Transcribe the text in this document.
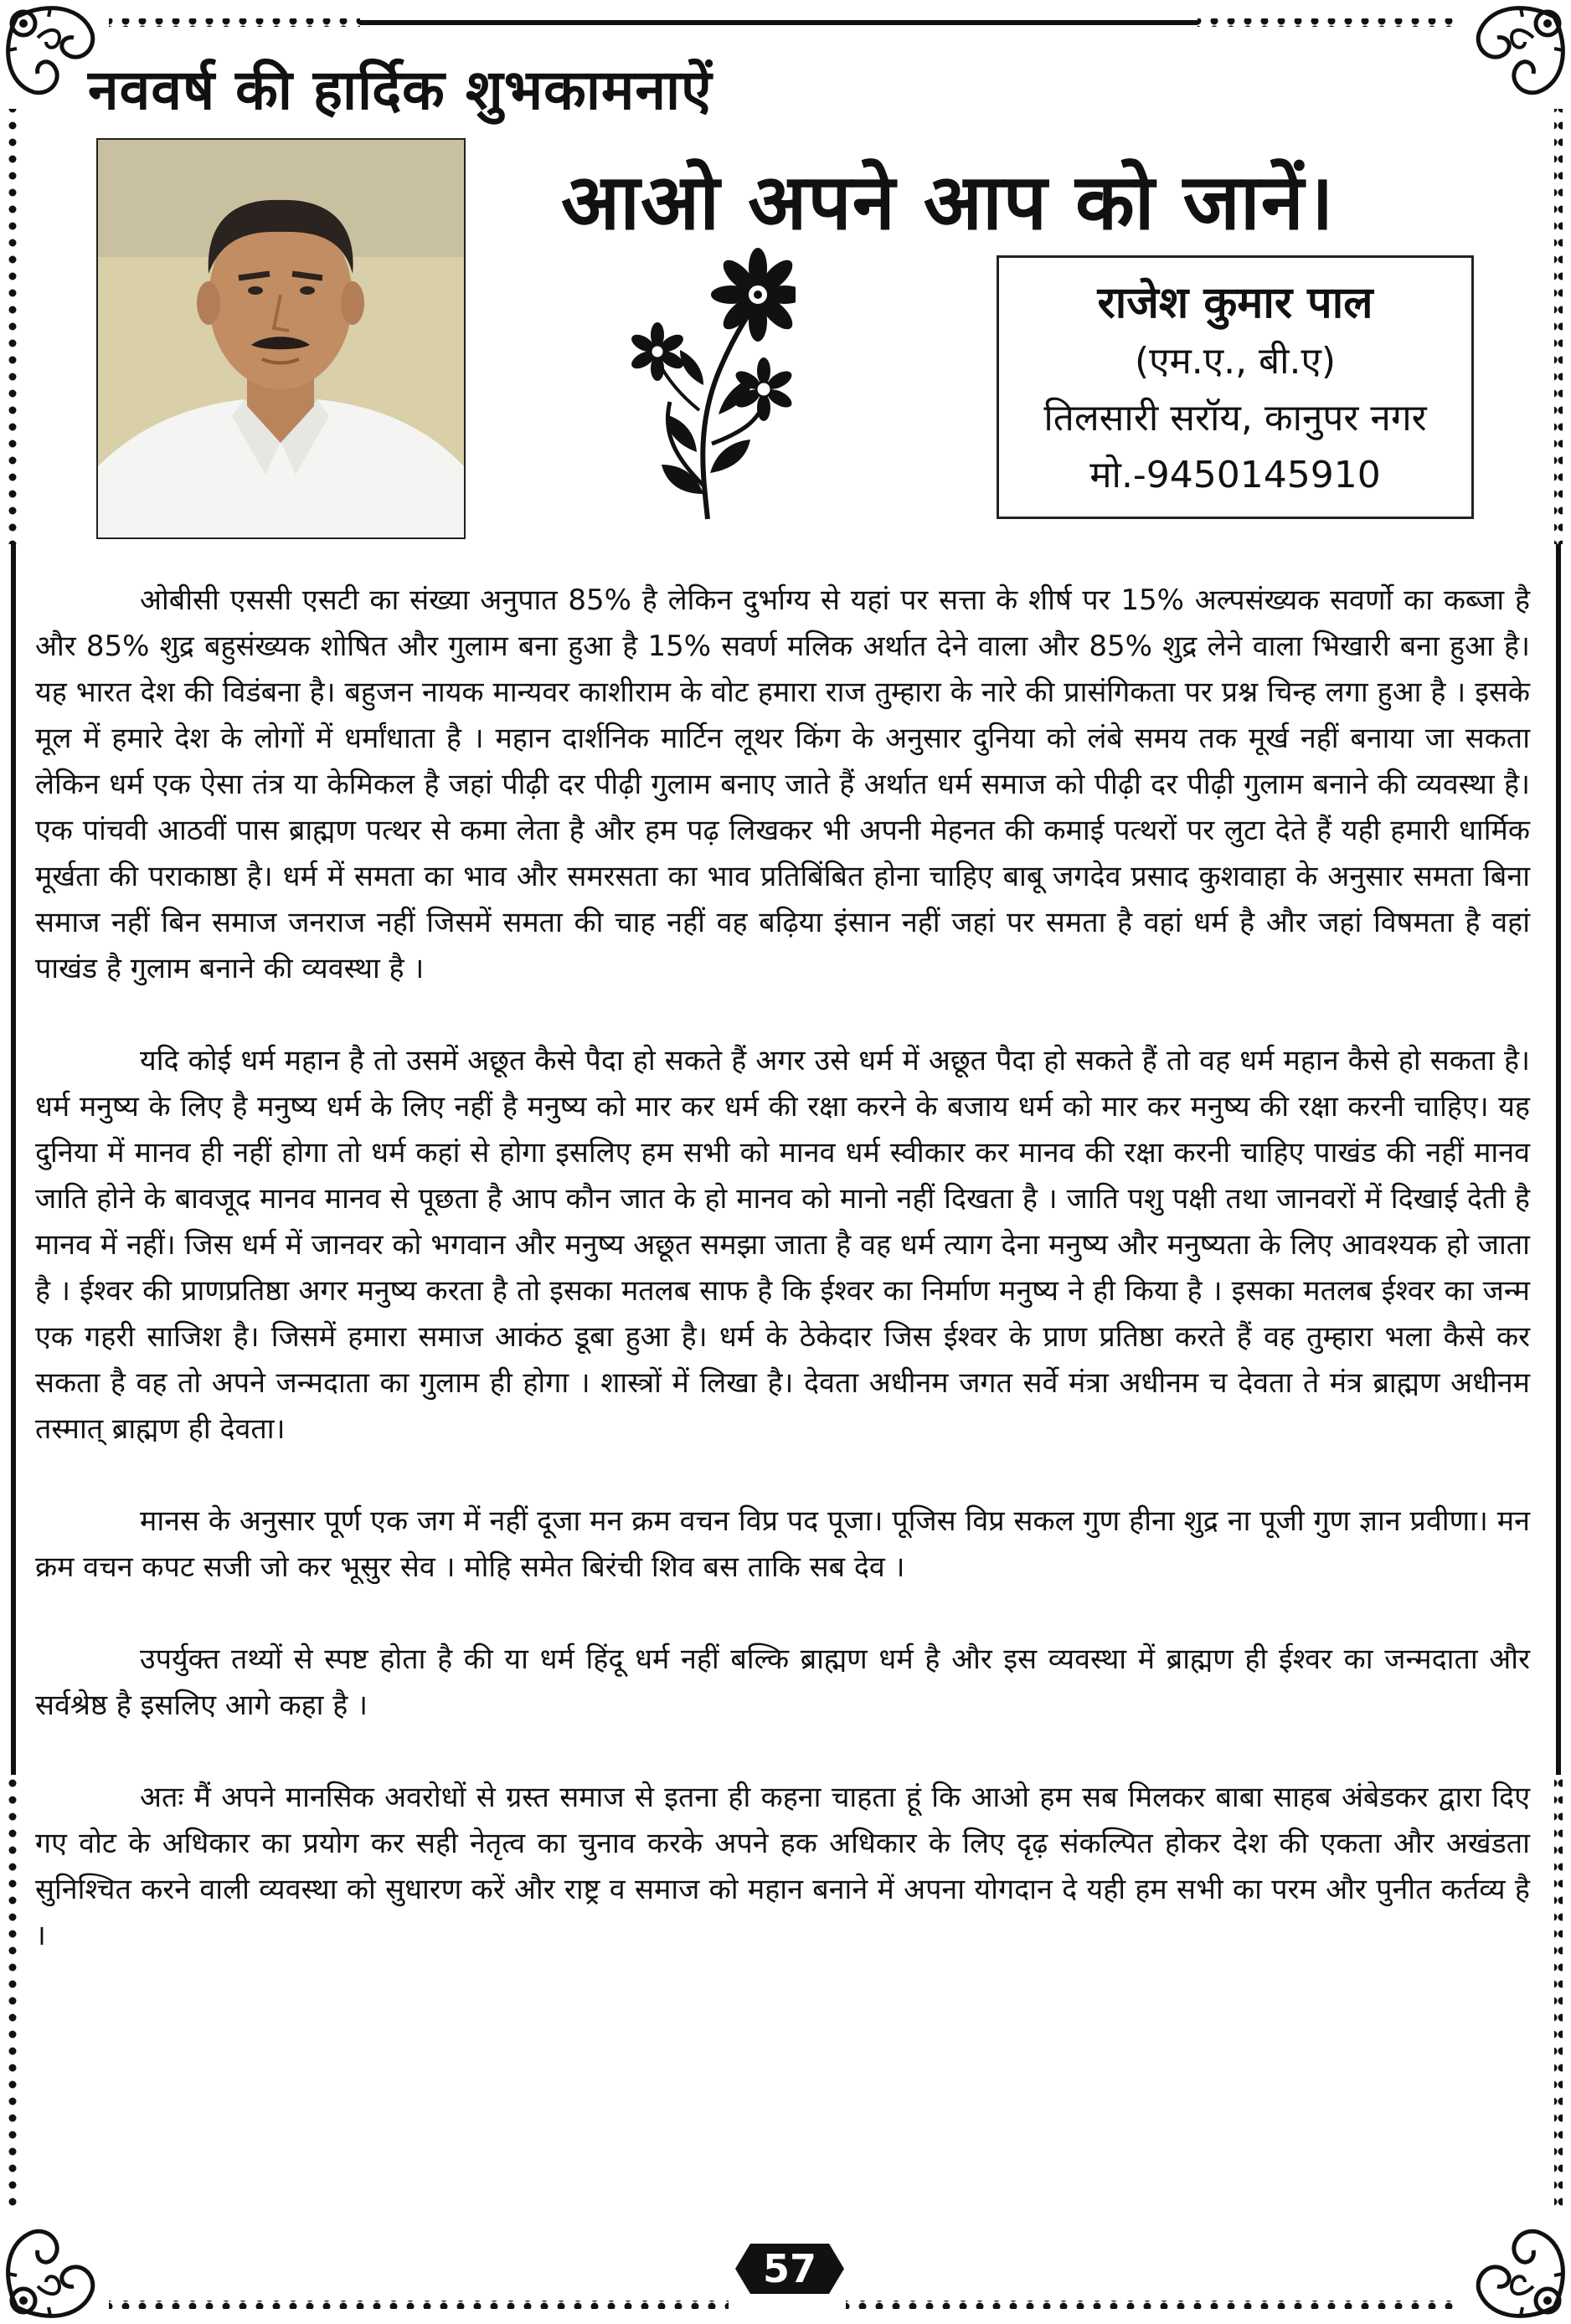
नववर्ष की हार्दिक शुभकामनाऐं
आओ अपने आप को जानें।
राजेश कुमार पाल
(एम.ए., बी.ए)
तिलसारी सरॉय, कानुपर नगर
मो.-9450145910

ओबीसी एससी एसटी का संख्या अनुपात 85% है लेकिन दुर्भाग्य से यहां पर सत्ता के शीर्ष पर 15% अल्पसंख्यक सवर्णो का कब्जा है और 85% शुद्र बहुसंख्यक शोषित और गुलाम बना हुआ है 15% सवर्ण मलिक अर्थात देने वाला और 85% शुद्र लेने वाला भिखारी बना हुआ है। यह भारत देश की विडंबना है। बहुजन नायक मान्यवर काशीराम के वोट हमारा राज तुम्हारा के नारे की प्रासंगिकता पर प्रश्न चिन्ह लगा हुआ है । इसके मूल में हमारे देश के लोगों में धर्मांधाता है । महान दार्शनिक मार्टिन लूथर किंग के अनुसार दुनिया को लंबे समय तक मूर्ख नहीं बनाया जा सकता लेकिन धर्म एक ऐसा तंत्र या केमिकल है जहां पीढ़ी दर पीढ़ी गुलाम बनाए जाते हैं अर्थात धर्म समाज को पीढ़ी दर पीढ़ी गुलाम बनाने की व्यवस्था है। एक पांचवी आठवीं पास ब्राह्मण पत्थर से कमा लेता है और हम पढ़ लिखकर भी अपनी मेहनत की कमाई पत्थरों पर लुटा देते हैं यही हमारी धार्मिक मूर्खता की पराकाष्ठा है। धर्म में समता का भाव और समरसता का भाव प्रतिबिंबित होना चाहिए बाबू जगदेव प्रसाद कुशवाहा के अनुसार समता बिना समाज नहीं बिन समाज जनराज नहीं जिसमें समता की चाह नहीं वह बढ़िया इंसान नहीं जहां पर समता है वहां धर्म है और जहां विषमता है वहां पाखंड है गुलाम बनाने की व्यवस्था है ।

यदि कोई धर्म महान है तो उसमें अछूत कैसे पैदा हो सकते हैं अगर उसे धर्म में अछूत पैदा हो सकते हैं तो वह धर्म महान कैसे हो सकता है। धर्म मनुष्य के लिए है मनुष्य धर्म के लिए नहीं है मनुष्य को मार कर धर्म की रक्षा करने के बजाय धर्म को मार कर मनुष्य की रक्षा करनी चाहिए। यह दुनिया में मानव ही नहीं होगा तो धर्म कहां से होगा इसलिए हम सभी को मानव धर्म स्वीकार कर मानव की रक्षा करनी चाहिए पाखंड की नहीं मानव जाति होने के बावजूद मानव मानव से पूछता है आप कौन जात के हो मानव को मानो नहीं दिखता है । जाति पशु पक्षी तथा जानवरों में दिखाई देती है मानव में नहीं। जिस धर्म में जानवर को भगवान और मनुष्य अछूत समझा जाता है वह धर्म त्याग देना मनुष्य और मनुष्यता के लिए आवश्यक हो जाता है । ईश्वर की प्राणप्रतिष्ठा अगर मनुष्य करता है तो इसका मतलब साफ है कि ईश्वर का निर्माण मनुष्य ने ही किया है । इसका मतलब ईश्वर का जन्म एक गहरी साजिश है। जिसमें हमारा समाज आकंठ डूबा हुआ है। धर्म के ठेकेदार जिस ईश्वर के प्राण प्रतिष्ठा करते हैं वह तुम्हारा भला कैसे कर सकता है वह तो अपने जन्मदाता का गुलाम ही होगा । शास्त्रों में लिखा है। देवता अधीनम जगत सर्वे मंत्रा अधीनम च देवता ते मंत्र ब्राह्मण अधीनम तस्मात् ब्राह्मण ही देवता।

मानस के अनुसार पूर्ण एक जग में नहीं दूजा मन क्रम वचन विप्र पद पूजा। पूजिस विप्र सकल गुण हीना शुद्र ना पूजी गुण ज्ञान प्रवीणा। मन क्रम वचन कपट सजी जो कर भूसुर सेव । मोहि समेत बिरंची शिव बस ताकि सब देव ।

उपर्युक्त तथ्यों से स्पष्ट होता है की या धर्म हिंदू धर्म नहीं बल्कि ब्राह्मण धर्म है और इस व्यवस्था में ब्राह्मण ही ईश्वर का जन्मदाता और सर्वश्रेष्ठ है इसलिए आगे कहा है ।

अतः मैं अपने मानसिक अवरोधों से ग्रस्त समाज से इतना ही कहना चाहता हूं कि आओ हम सब मिलकर बाबा साहब अंबेडकर द्वारा दिए गए वोट के अधिकार का प्रयोग कर सही नेतृत्व का चुनाव करके अपने हक अधिकार के लिए दृढ़ संकल्पित होकर देश की एकता और अखंडता सुनिश्चित करने वाली व्यवस्था को सुधारण करें और राष्ट्र व समाज को महान बनाने में अपना योगदान दे यही हम सभी का परम और पुनीत कर्तव्य है ।

57
